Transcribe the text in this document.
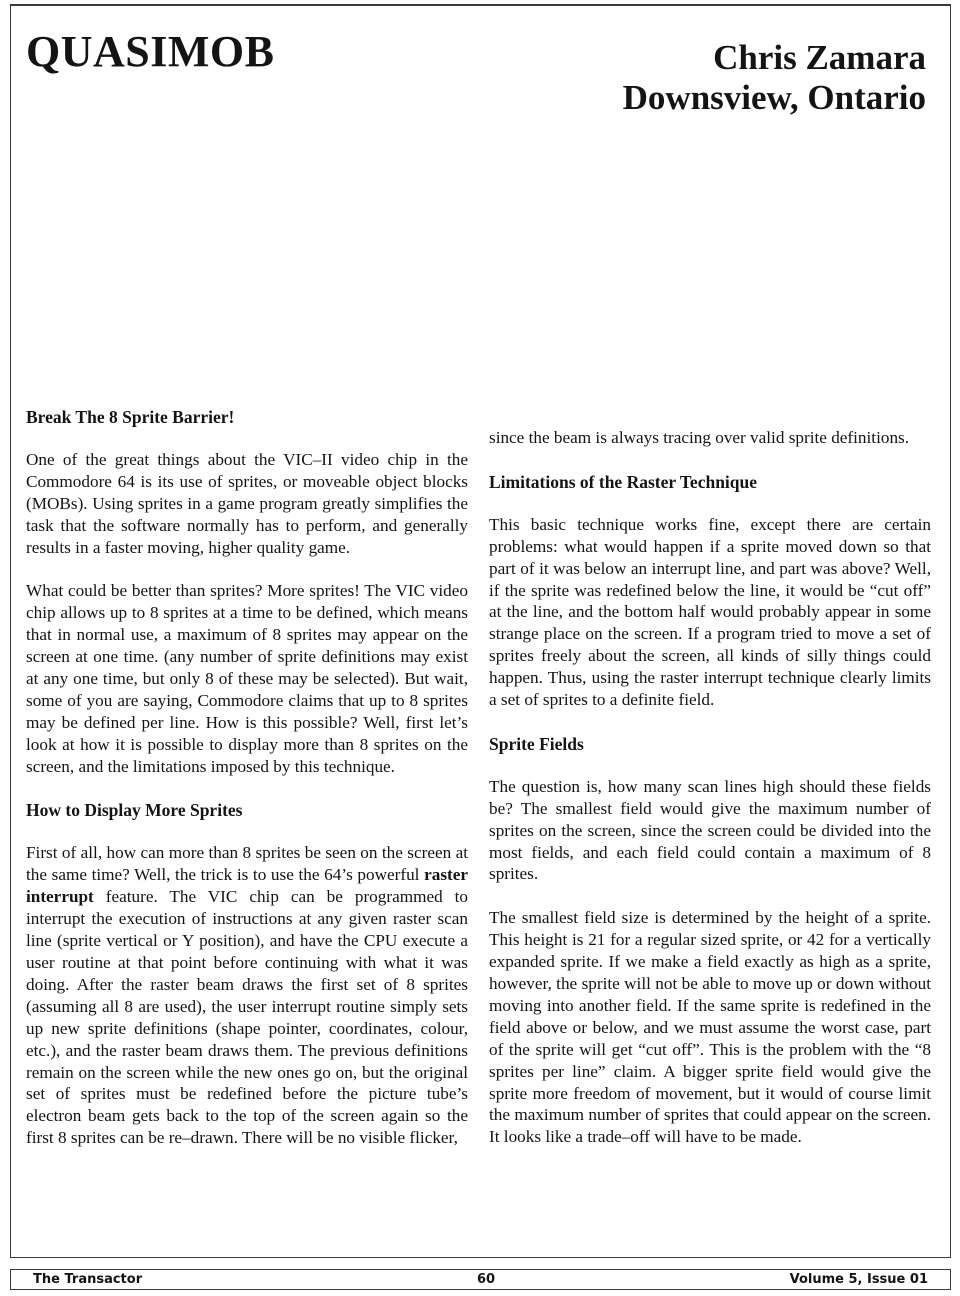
QUASIMOB	Chris Zamara
Downsview, Ontario
Break The 8 Sprite Barrier!

One of the great things about the VIC–II video chip in the Commodore 64 is its use of sprites, or moveable object blocks (MOBs). Using sprites in a game program greatly simplifies the task that the software normally has to perform, and generally results in a faster moving, higher quality game.

What could be better than sprites? More sprites! The VIC video chip allows up to 8 sprites at a time to be defined, which means that in normal use, a maximum of 8 sprites may appear on the screen at one time. (any number of sprite definitions may exist at any one time, but only 8 of these may be selected). But wait, some of you are saying, Commodore claims that up to 8 sprites may be defined per line. How is this possible? Well, first let’s look at how it is possible to display more than 8 sprites on the screen, and the limitations imposed by this technique.

How to Display More Sprites

First of all, how can more than 8 sprites be seen on the screen at the same time? Well, the trick is to use the 64’s powerful raster interrupt feature. The VIC chip can be programmed to interrupt the execution of instructions at any given raster scan line (sprite vertical or Y position), and have the CPU execute a user routine at that point before continuing with what it was doing. After the raster beam draws the first set of 8 sprites (assuming all 8 are used), the user interrupt routine simply sets up new sprite definitions (shape pointer, coordinates, colour, etc.), and the raster beam draws them. The previous definitions remain on the screen while the new ones go on, but the original set of sprites must be redefined before the picture tube’s electron beam gets back to the top of the screen again so the first 8 sprites can be re–drawn. There will be no visible flicker,

since the beam is always tracing over valid sprite definitions.

Limitations of the Raster Technique

This basic technique works fine, except there are certain problems: what would happen if a sprite moved down so that part of it was below an interrupt line, and part was above? Well, if the sprite was redefined below the line, it would be “cut off” at the line, and the bottom half would probably appear in some strange place on the screen. If a program tried to move a set of sprites freely about the screen, all kinds of silly things could happen. Thus, using the raster interrupt technique clearly limits a set of sprites to a definite field.

Sprite Fields

The question is, how many scan lines high should these fields be? The smallest field would give the maximum number of sprites on the screen, since the screen could be divided into the most fields, and each field could contain a maximum of 8 sprites.

The smallest field size is determined by the height of a sprite. This height is 21 for a regular sized sprite, or 42 for a vertically expanded sprite. If we make a field exactly as high as a sprite, however, the sprite will not be able to move up or down without moving into another field. If the same sprite is redefined in the field above or below, and we must assume the worst case, part of the sprite will get “cut off”. This is the problem with the “8 sprites per line” claim. A bigger sprite field would give the sprite more freedom of movement, but it would of course limit the maximum number of sprites that could appear on the screen. It looks like a trade–off will have to be made.

The Transactor	60	Volume 5, Issue 01
